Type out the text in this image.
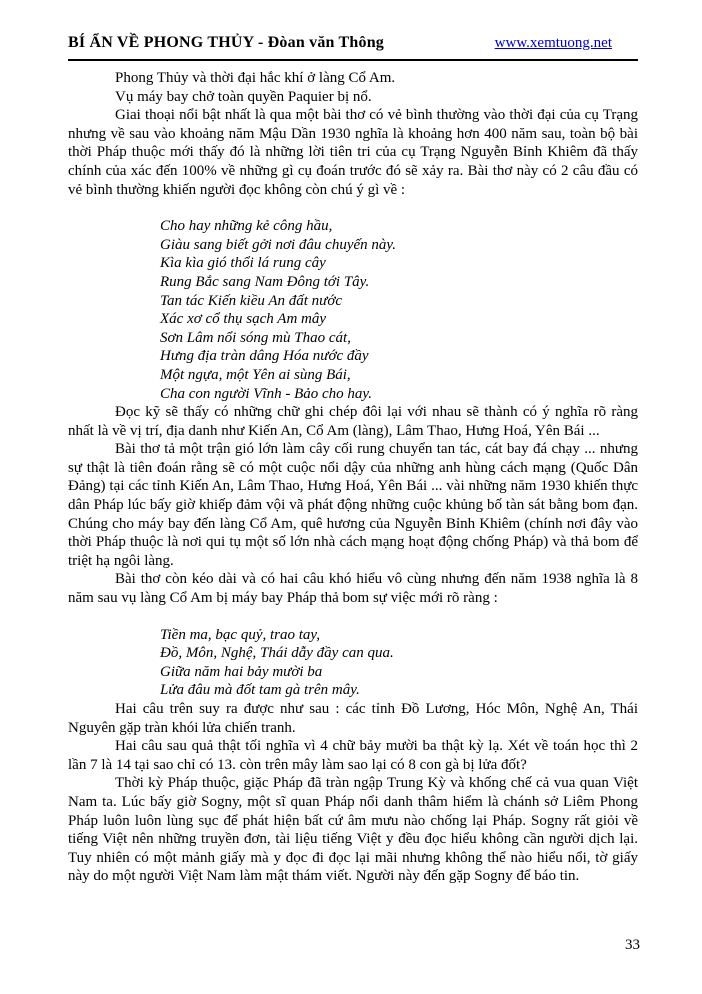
BÍ ẨN VỀ PHONG THỦY - Đòan văn Thông	www.xemtuong.net

Phong Thủy và thời đại hắc khí ở làng Cổ Am.

Vụ máy bay chở toàn quyền Paquier bị nổ.

Giai thoại nổi bật nhất là qua một bài thơ có vẻ bình thường vào thời đại của cụ Trạng nhưng về sau vào khoảng năm Mậu Dần 1930 nghĩa là khoảng hơn 400 năm sau, toàn bộ bài thời Pháp thuộc mới thấy đó là những lời tiên tri của cụ Trạng Nguyễn Bỉnh Khiêm đã thấy chính của xác đến 100% về những gì cụ đoán trước đó sẽ xảy ra. Bài thơ này có 2 câu đầu có vẻ bình thường khiến người đọc không còn chú ý gì về :

Cho hay những kẻ công hầu,
Giàu sang biết gởi nơi đâu chuyến này.
Kìa kìa gió thổi lá rung cây
Rung Bắc sang Nam Đông tới Tây.
Tan tác Kiến kiều An đất nước
Xác xơ cổ thụ sạch Am mây
Sơn Lâm nổi sóng mù Thao cát,
Hưng địa tràn dâng Hóa nước đầy
Một ngựa, một Yên ai sùng Bái,
Cha con người Vĩnh - Bảo cho hay.

Đọc kỹ sẽ thấy có những chữ ghi chép đôi lại với nhau sẽ thành có ý nghĩa rõ ràng nhất là về vị trí, địa danh như Kiến An, Cổ Am (làng), Lâm Thao, Hưng Hoá, Yên Bái ...

Bài thơ tả một trận gió lớn làm cây cối rung chuyển tan tác, cát bay đá chạy ... nhưng sự thật là tiên đoán rằng sẽ có một cuộc nổi dậy của những anh hùng cách mạng (Quốc Dân Đảng) tại các tỉnh Kiến An, Lâm Thao, Hưng Hoá, Yên Bái ... vài những năm 1930 khiến thực dân Pháp lúc bấy giờ khiếp đảm vội vã phát động những cuộc khủng bố tàn sát bằng bom đạn. Chúng cho máy bay đến làng Cổ Am, quê hương của Nguyễn Bỉnh Khiêm (chính nơi đây vào thời Pháp thuộc là nơi qui tụ một số lớn nhà cách mạng hoạt động chống Pháp) và thả bom để triệt hạ ngôi làng.

Bài thơ còn kéo dài và có hai câu khó hiểu vô cùng nhưng đến năm 1938 nghĩa là 8 năm sau vụ làng Cổ Am bị máy bay Pháp thả bom sự việc mới rõ ràng :

Tiền ma, bạc quỷ, trao tay,
Đồ, Môn, Nghệ, Thái dẫy đầy can qua.
Giữa năm hai bảy mười ba
Lửa đâu mà đốt tam gà trên mây.

Hai câu trên suy ra được như sau : các tỉnh Đồ Lương, Hóc Môn, Nghệ An, Thái Nguyên gặp tràn khói lửa chiến tranh.

Hai câu sau quả thật tối nghĩa vì 4 chữ bảy mười ba thật kỳ lạ. Xét về toán học thì 2 lần 7 là 14 tại sao chỉ có 13. còn trên mây làm sao lại có 8 con gà bị lửa đốt?

Thời kỳ Pháp thuộc, giặc Pháp đã tràn ngập Trung Kỳ và khống chế cả vua quan Việt Nam ta. Lúc bấy giờ Sogny, một sĩ quan Pháp nổi danh thâm hiểm là chánh sở Liêm Phong Pháp luôn luôn lùng sục để phát hiện bất cứ âm mưu nào chống lại Pháp. Sogny rất giỏi về tiếng Việt nên những truyền đơn, tài liệu tiếng Việt y đều đọc hiểu không cần người dịch lại. Tuy nhiên có một mảnh giấy mà y đọc đi đọc lại mãi nhưng không thể nào hiểu nổi, tờ giấy này do một người Việt Nam làm mật thám viết. Người này đến gặp Sogny để báo tin.

33
